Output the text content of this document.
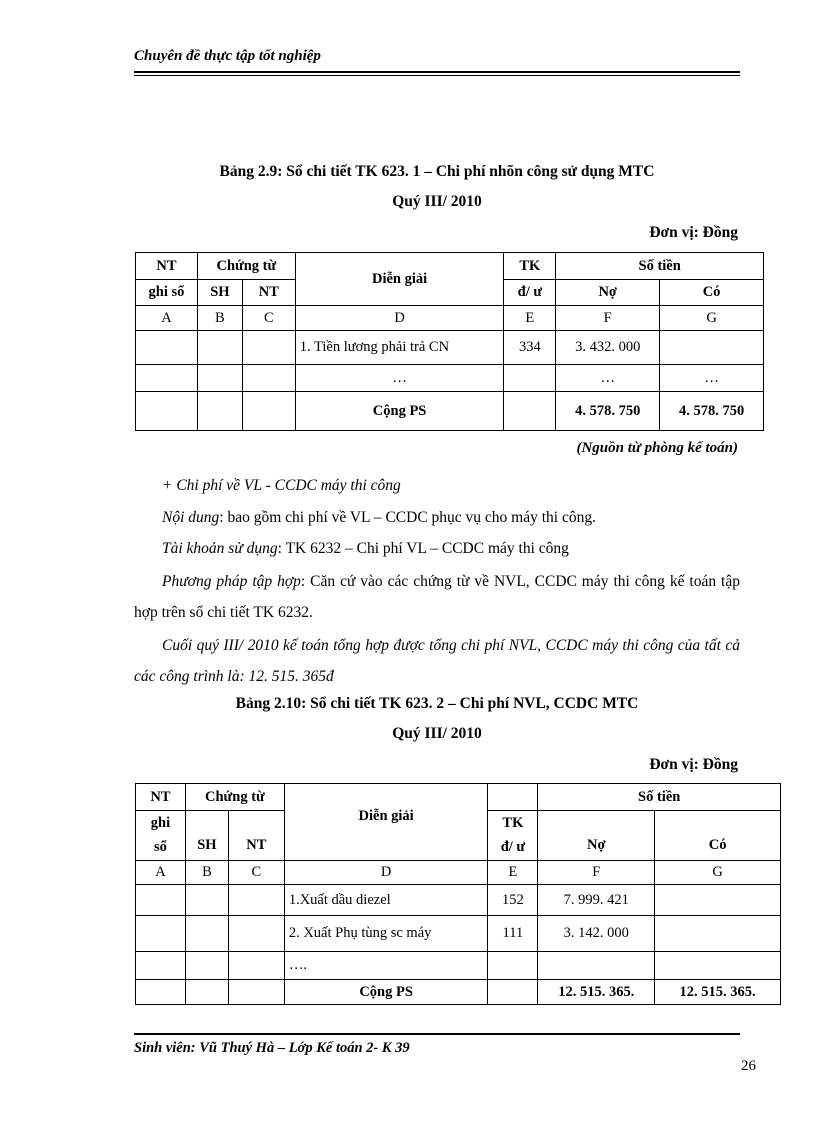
Chuyên đề thực tập tốt nghiệp
Bảng 2.9: Sổ chi tiết TK 623. 1 – Chi phí nhõn công sử dụng MTC
Quý III/ 2010
Đơn vị: Đồng
NT	Chứng từ		Diễn giải	TK	Số tiền	
ghi sổ	SH	NT		đ/ ư	Nợ	Có
A	B	C	D	E	F	G
			1. Tiền lương phải trả CN	334	3. 432. 000	
			…		…	…
			Cộng PS		4. 578. 750	4. 578. 750
(Nguồn từ phòng kế toán)
+ Chi phí về VL - CCDC máy thi công
Nội dung: bao gồm chi phí về VL – CCDC phục vụ cho máy thi công.
Tài khoản sử dụng: TK 6232 – Chi phí VL – CCDC máy thi công
Phương pháp tập hợp: Căn cứ vào các chứng từ về NVL, CCDC máy thi công kế toán tập hợp trên sổ chi tiết TK 6232.
Cuối quý III/ 2010 kế toán tổng hợp được tổng chi phí NVL, CCDC máy thi công của tất cả các công trình là: 12. 515. 365đ
Bảng 2.10: Sổ chi tiết TK 623. 2 – Chi phí NVL, CCDC MTC
Quý III/ 2010
Đơn vị: Đồng
NT	Chứng từ		Diễn giải		Số tiền	
ghi	SH	NT		TK	Nợ	Có
sổ				đ/ ư		
A	B	C	D	E	F	G
			1.Xuất dầu diezel	152	7. 999. 421	
			2. Xuất Phụ tùng sc máy	111	3. 142. 000	
			….			
			Cộng PS		12. 515. 365.	12. 515. 365.
Sinh viên: Vũ Thuý Hà – Lớp Kế toán 2- K 39
26
